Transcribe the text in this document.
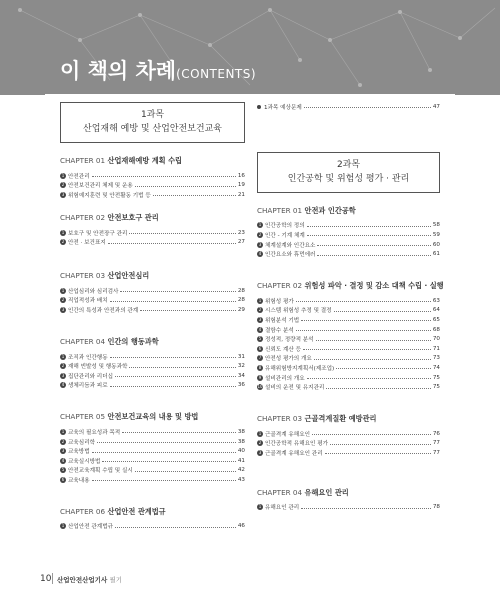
이 책의 차례(CONTENTS)
1과목
산업재해 예방 및 산업안전보건교육
CHAPTER 01 산업재해예방 계획 수립
1 안전관리	16
2 안전보건관리 체제 및 운용	19
3 위험예지훈련 및 안전활동 기법 등	21
CHAPTER 02 안전보호구 관리
1 보호구 및 안전장구 관리	23
2 안전 · 보건표지	27
CHAPTER 03 산업안전심리
1 산업심리와 심리검사	28
2 직업적성과 배치	28
3 인간의 특성과 안전과의 관계	29
CHAPTER 04 인간의 행동과학
1 조직과 인간행동	31
2 재해 빈발성 및 행동과학	32
3 집단관리와 리더십	34
4 생체리듬과 피로	36
CHAPTER 05 안전보건교육의 내용 및 방법
1 교육의 필요성과 목적	38
2 교육심리학	38
3 교육방법	40
4 교육실시방법	41
5 안전교육계획 수립 및 실시	42
6 교육내용	43
CHAPTER 06 산업안전 관계법규
1 산업안전 관계법규	46
1과목 예상문제	47
2과목
인간공학 및 위험성 평가 · 관리
CHAPTER 01 안전과 인간공학
1 인간공학의 정의	58
2 인간 - 기계 체계	59
3 체계설계와 인간요소	60
4 인간요소와 휴먼에러	61
CHAPTER 02 위험성 파악 · 결정 및 감소 대책 수립 · 실행
1 위험성 평가	63
2 시스템 위험성 추정 및 결정	64
3 위험분석 기법	65
4 결함수 분석	68
5 정성적, 정량적 분석	70
6 신뢰도 계산 등	71
7 안전성 평가의 개요	73
8 유해위험방지계획서(제조업)	74
9 설비관리의 개요	75
10 설비의 운전 및 유지관리	75
CHAPTER 03 근골격계질환 예방관리
1 근골격계 유해요인	76
2 인간공학적 유해요인 평가	77
3 근골격계 유해요인 관리	77
CHAPTER 04 유해요인 관리
1 유해요인 관리	78
10 산업안전산업기사 필기
